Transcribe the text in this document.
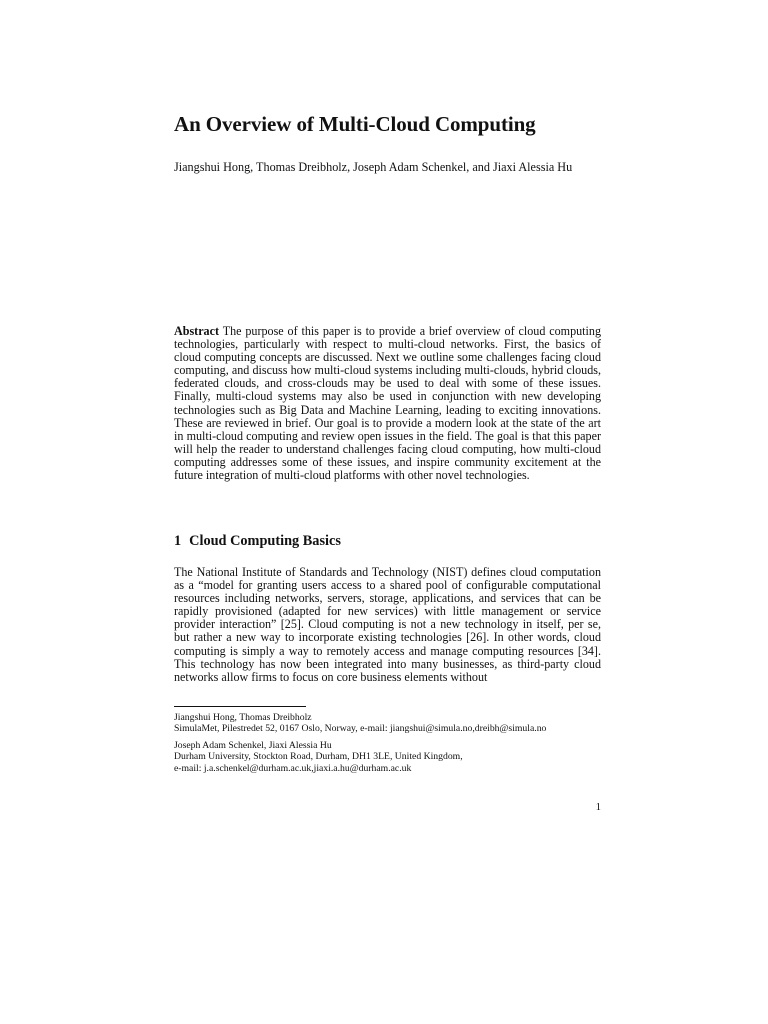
An Overview of Multi-Cloud Computing

Jiangshui Hong, Thomas Dreibholz, Joseph Adam Schenkel, and Jiaxi Alessia Hu

Abstract The purpose of this paper is to provide a brief overview of cloud computing technologies, particularly with respect to multi-cloud networks. First, the basics of cloud computing concepts are discussed. Next we outline some challenges facing cloud computing, and discuss how multi-cloud systems including multi-clouds, hybrid clouds, federated clouds, and cross-clouds may be used to deal with some of these issues. Finally, multi-cloud systems may also be used in conjunction with new developing technologies such as Big Data and Machine Learning, leading to exciting innovations. These are reviewed in brief. Our goal is to provide a modern look at the state of the art in multi-cloud computing and review open issues in the field. The goal is that this paper will help the reader to understand challenges facing cloud computing, how multi-cloud computing addresses some of these issues, and inspire community excitement at the future integration of multi-cloud platforms with other novel technologies.

1 Cloud Computing Basics

The National Institute of Standards and Technology (NIST) defines cloud computation as a “model for granting users access to a shared pool of configurable computational resources including networks, servers, storage, applications, and services that can be rapidly provisioned (adapted for new services) with little management or service provider interaction” [25]. Cloud computing is not a new technology in itself, per se, but rather a new way to incorporate existing technologies [26]. In other words, cloud computing is simply a way to remotely access and manage computing resources [34]. This technology has now been integrated into many businesses, as third-party cloud networks allow firms to focus on core business elements without

Jiangshui Hong, Thomas Dreibholz
SimulaMet, Pilestredet 52, 0167 Oslo, Norway, e-mail: jiangshui@simula.no,dreibh@simula.no
Joseph Adam Schenkel, Jiaxi Alessia Hu
Durham University, Stockton Road, Durham, DH1 3LE, United Kingdom,
e-mail: j.a.schenkel@durham.ac.uk,jiaxi.a.hu@durham.ac.uk

1
